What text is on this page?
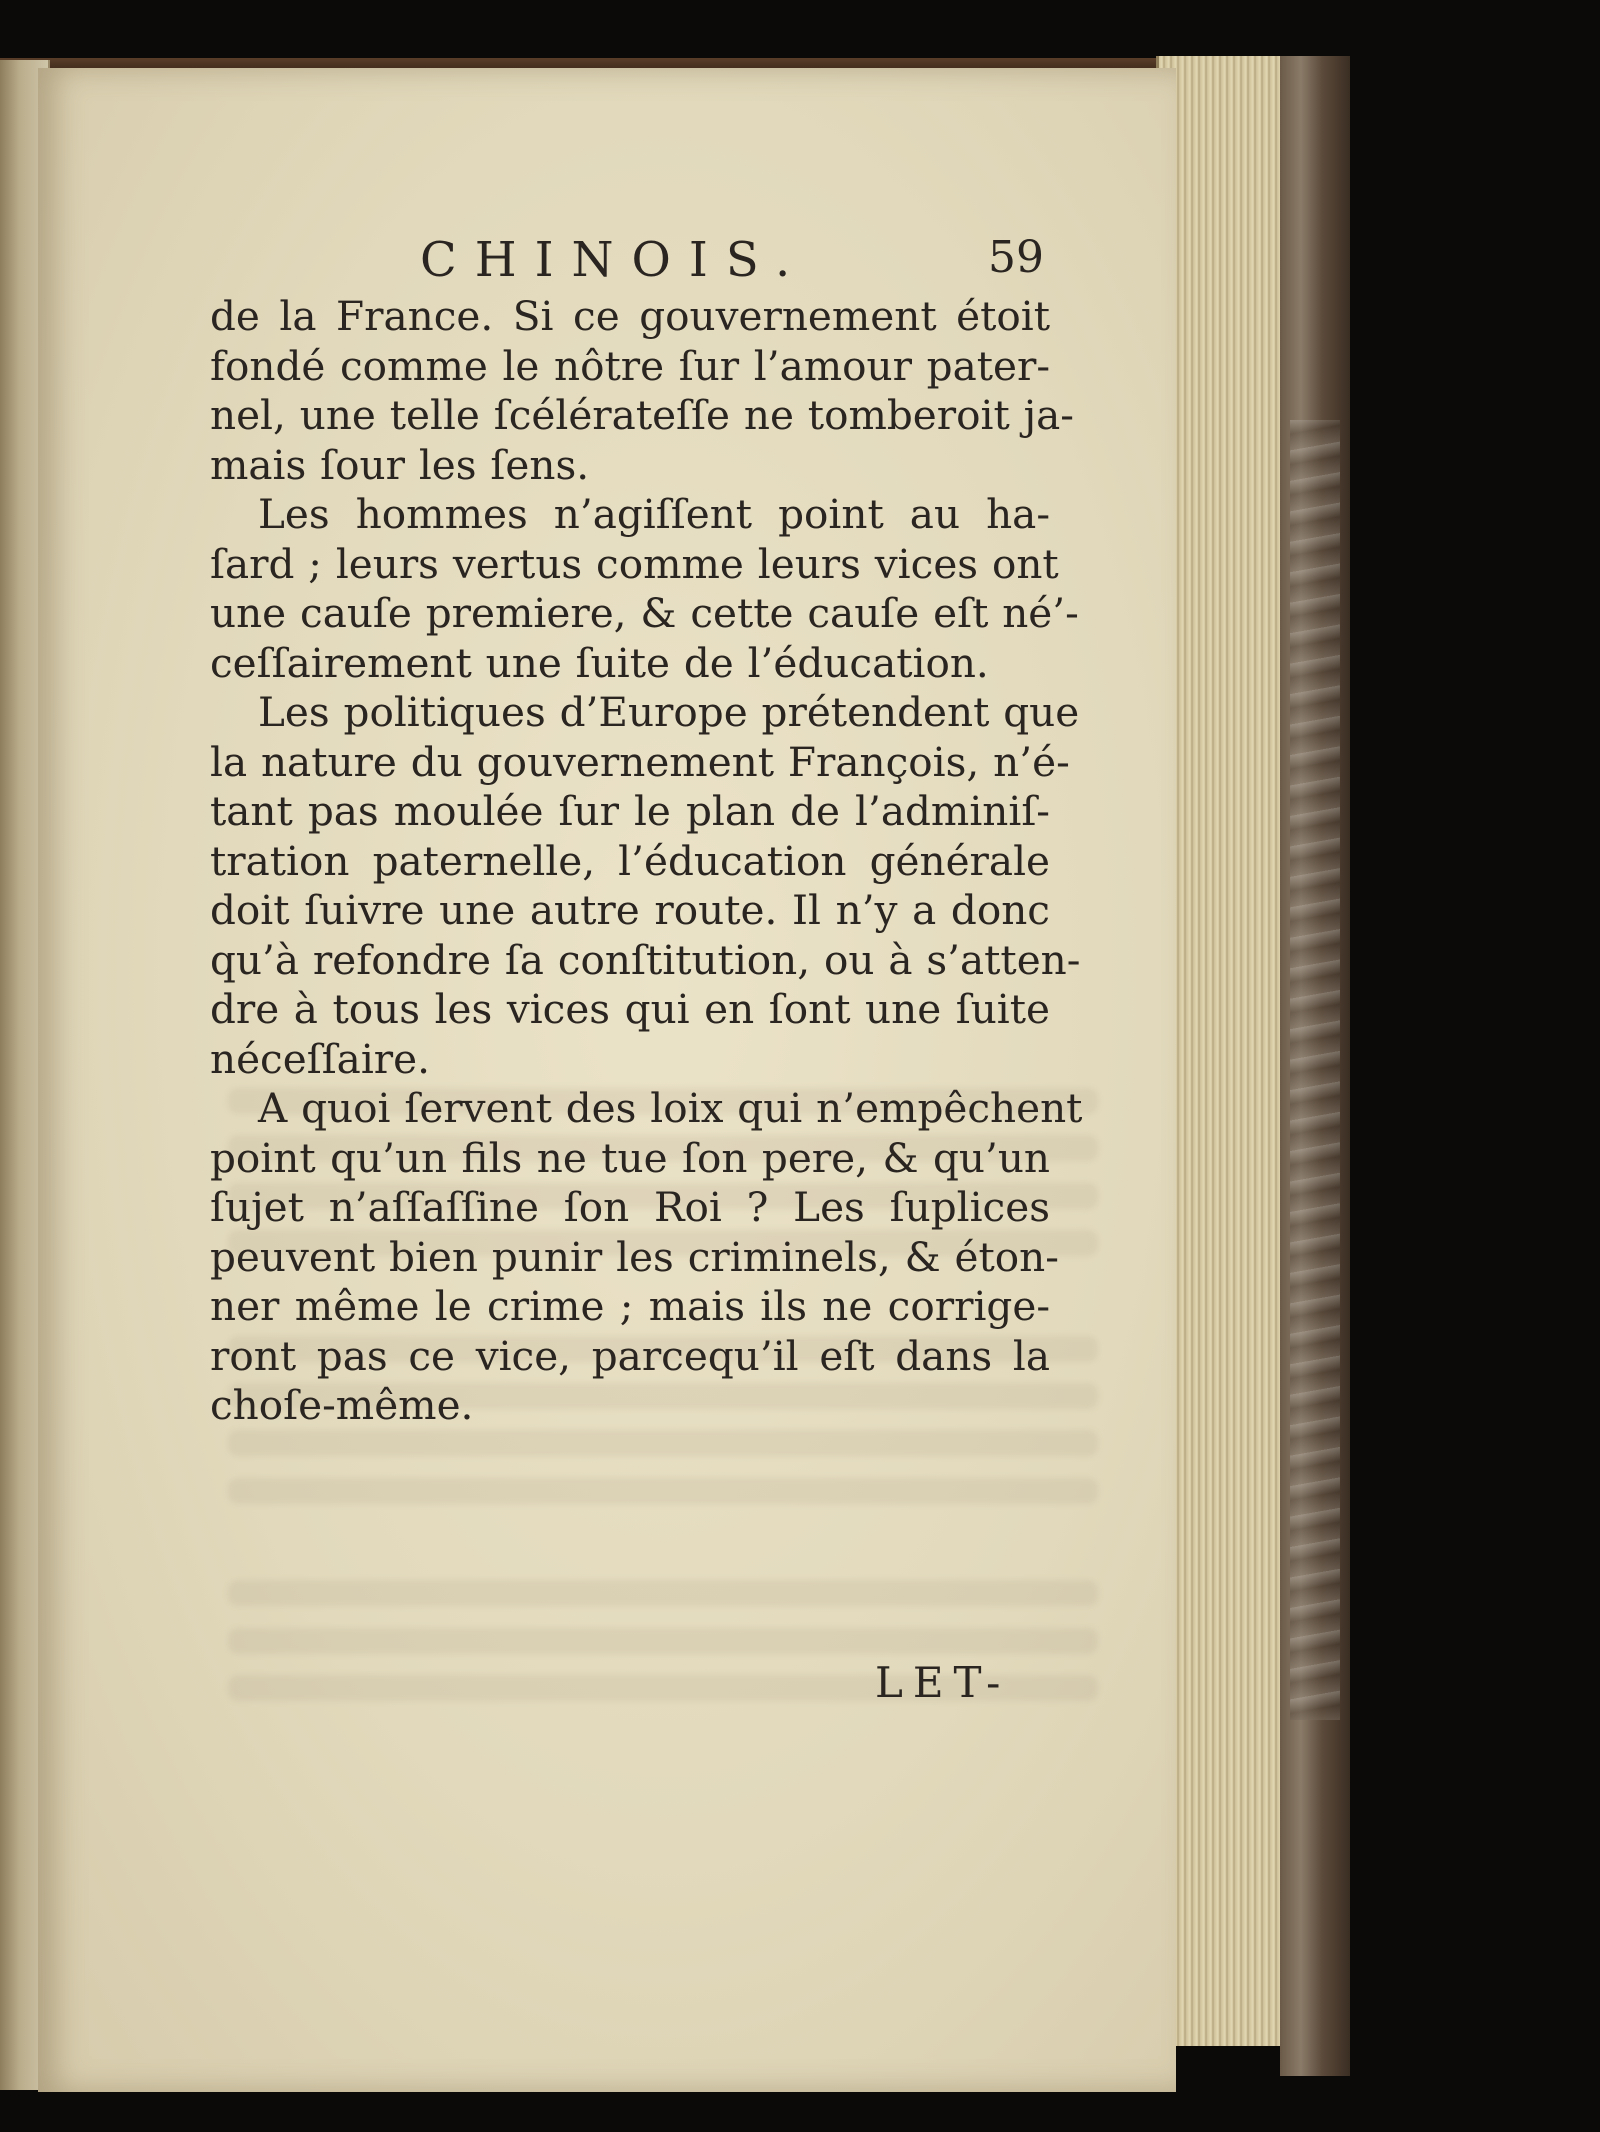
CHINOIS.	59
de la France. Si ce gouvernement étoit
fondé comme le nôtre ſur l’amour pater-
nel, une telle ſcélérateſſe ne tomberoit ja-
mais ſour les ſens.
Les hommes n’agiſſent point au ha-
ſard ; leurs vertus comme leurs vices ont
une cauſe premiere, & cette cauſe eſt né’-
ceſſairement une ſuite de l’éducation.
Les politiques d’Europe prétendent que
la nature du gouvernement François, n’é-
tant pas moulée ſur le plan de l’adminiſ-
tration paternelle, l’éducation générale
doit ſuivre une autre route. Il n’y a donc
qu’à refondre ſa conſtitution, ou à s’atten-
dre à tous les vices qui en ſont une ſuite
néceſſaire.
A quoi ſervent des loix qui n’empêchent
point qu’un fils ne tue ſon pere, & qu’un
ſujet n’aſſaſſine ſon Roi ? Les ſuplices
peuvent bien punir les criminels, & éton-
ner même le crime ; mais ils ne corrige-
ront pas ce vice, parcequ’il eſt dans la
choſe-même.
LET-
